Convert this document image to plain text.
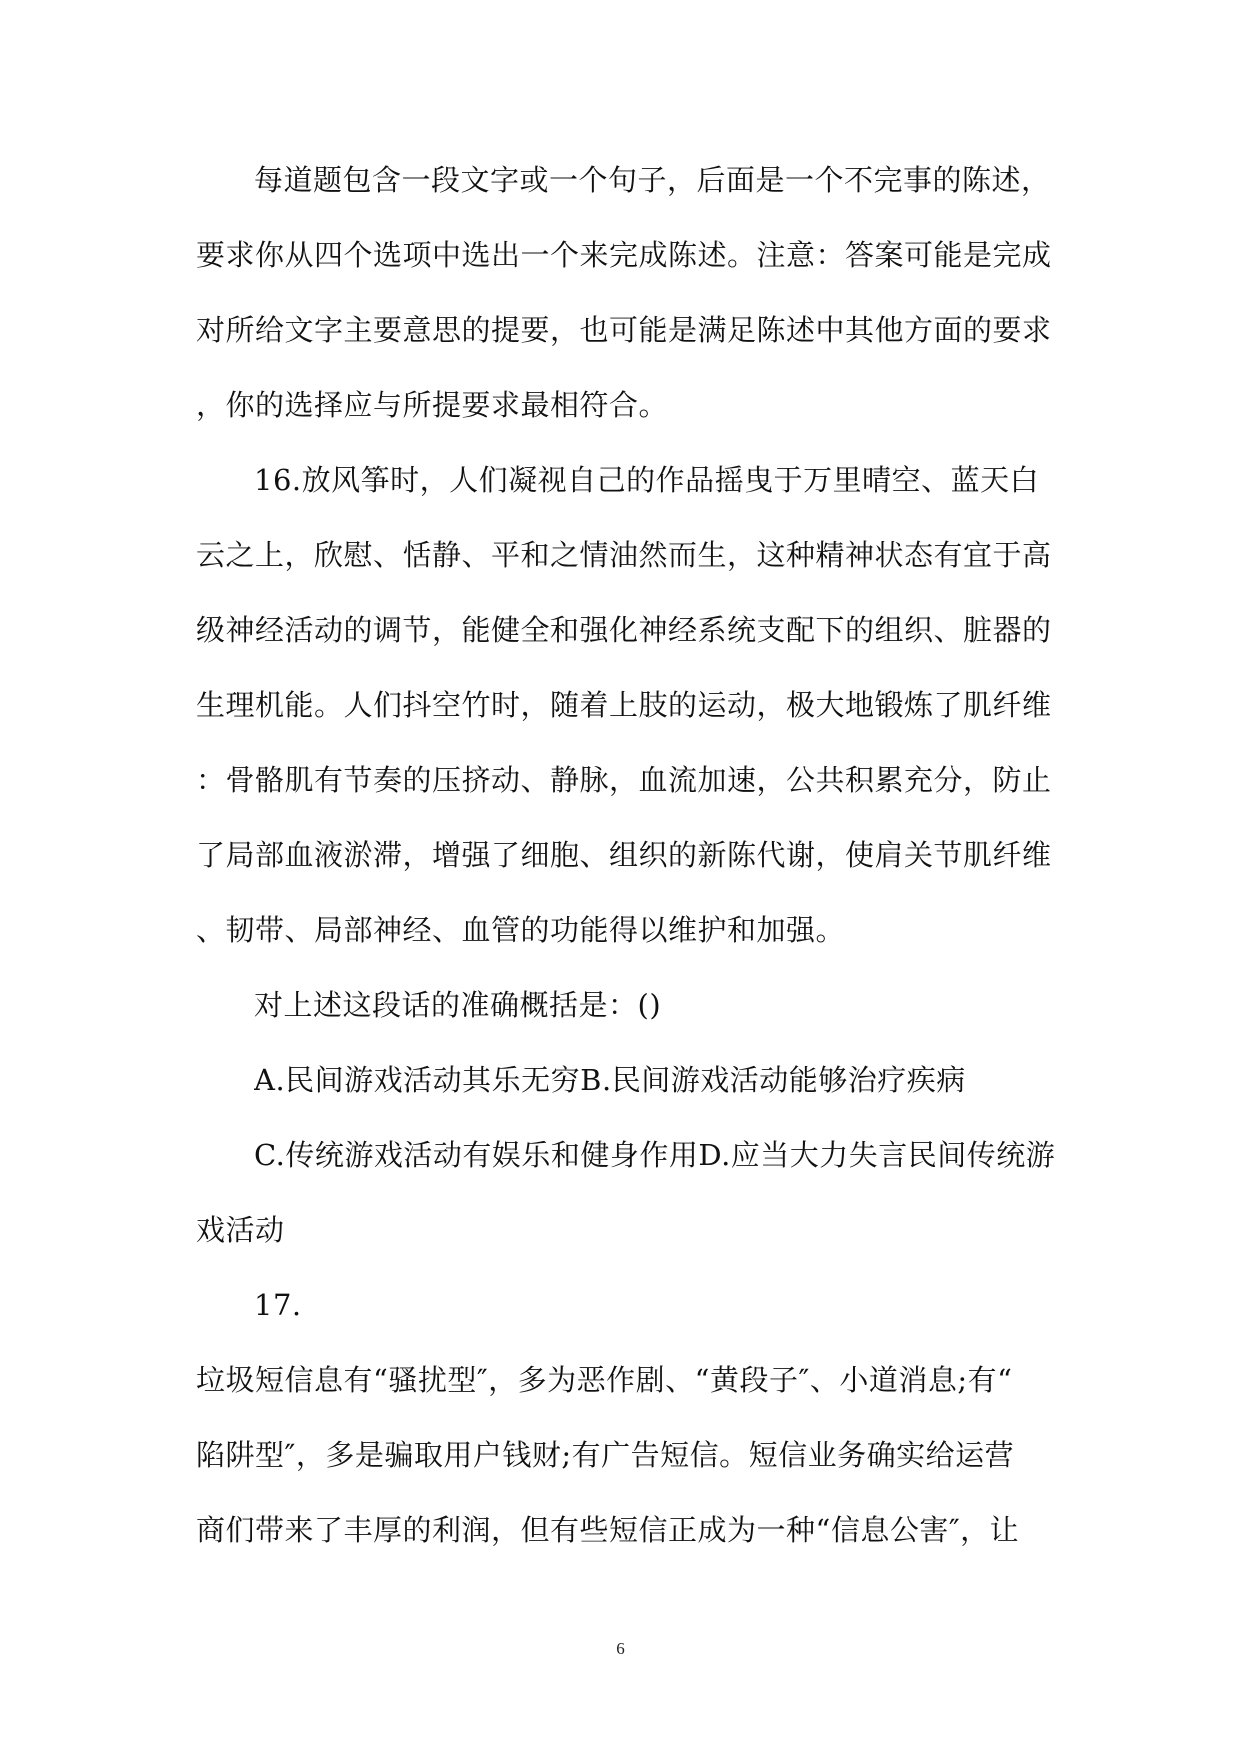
每道题包含一段文字或一个句子，后面是一个不完事的陈述，
要求你从四个选项中选出一个来完成陈述。注意：答案可能是完成
对所给文字主要意思的提要，也可能是满足陈述中其他方面的要求
，你的选择应与所提要求最相符合。
16.放风筝时，人们凝视自己的作品摇曳于万里晴空、蓝天白
云之上，欣慰、恬静、平和之情油然而生，这种精神状态有宜于高
级神经活动的调节，能健全和强化神经系统支配下的组织、脏器的
生理机能。人们抖空竹时，随着上肢的运动，极大地锻炼了肌纤维
：骨骼肌有节奏的压挤动、静脉，血流加速，公共积累充分，防止
了局部血液淤滞，增强了细胞、组织的新陈代谢，使肩关节肌纤维
、韧带、局部神经、血管的功能得以维护和加强。
对上述这段话的准确概括是：()
A.民间游戏活动其乐无穷B.民间游戏活动能够治疗疾病
C.传统游戏活动有娱乐和健身作用D.应当大力失言民间传统游
戏活动
17.
垃圾短信息有“骚扰型″，多为恶作剧、“黄段子″、小道消息;有“
陷阱型″，多是骗取用户钱财;有广告短信。短信业务确实给运营
商们带来了丰厚的利润，但有些短信正成为一种“信息公害″，让
6
